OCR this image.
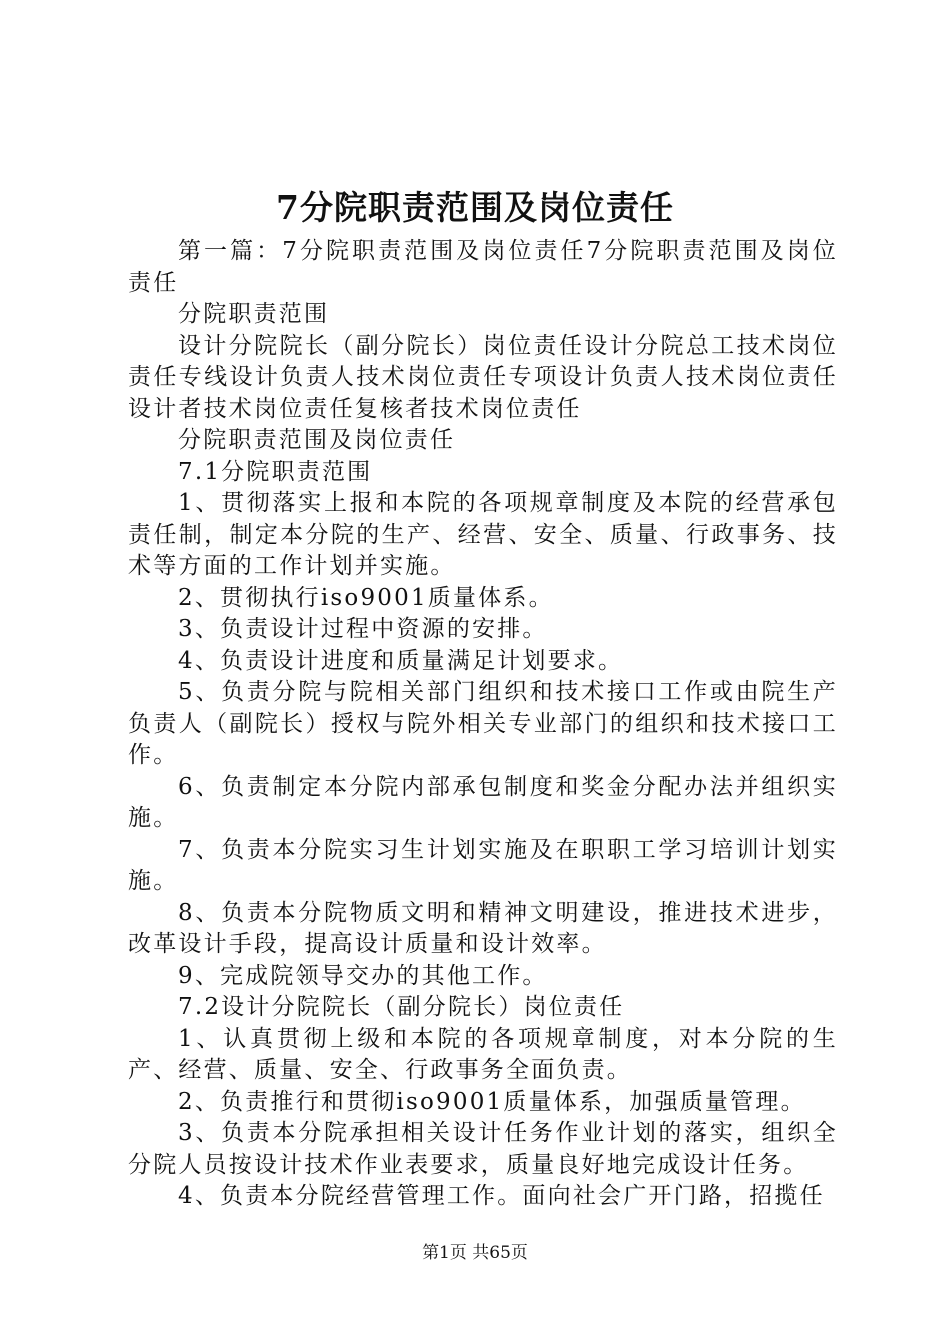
7分院职责范围及岗位责任

第一篇：7分院职责范围及岗位责任7分院职责范围及岗位责任

分院职责范围

设计分院院长（副分院长）岗位责任设计分院总工技术岗位责任专线设计负责人技术岗位责任专项设计负责人技术岗位责任设计者技术岗位责任复核者技术岗位责任

分院职责范围及岗位责任

7.1分院职责范围

1、贯彻落实上报和本院的各项规章制度及本院的经营承包责任制，制定本分院的生产、经营、安全、质量、行政事务、技术等方面的工作计划并实施。

2、贯彻执行iso9001质量体系。

3、负责设计过程中资源的安排。

4、负责设计进度和质量满足计划要求。

5、负责分院与院相关部门组织和技术接口工作或由院生产负责人（副院长）授权与院外相关专业部门的组织和技术接口工作。

6、负责制定本分院内部承包制度和奖金分配办法并组织实施。

7、负责本分院实习生计划实施及在职职工学习培训计划实施。

8、负责本分院物质文明和精神文明建设，推进技术进步，改革设计手段，提高设计质量和设计效率。

9、完成院领导交办的其他工作。

7.2设计分院院长（副分院长）岗位责任

1、认真贯彻上级和本院的各项规章制度，对本分院的生产、经营、质量、安全、行政事务全面负责。

2、负责推行和贯彻iso9001质量体系，加强质量管理。

3、负责本分院承担相关设计任务作业计划的落实，组织全分院人员按设计技术作业表要求，质量良好地完成设计任务。

4、负责本分院经营管理工作。面向社会广开门路，招揽任

第1页 共65页
